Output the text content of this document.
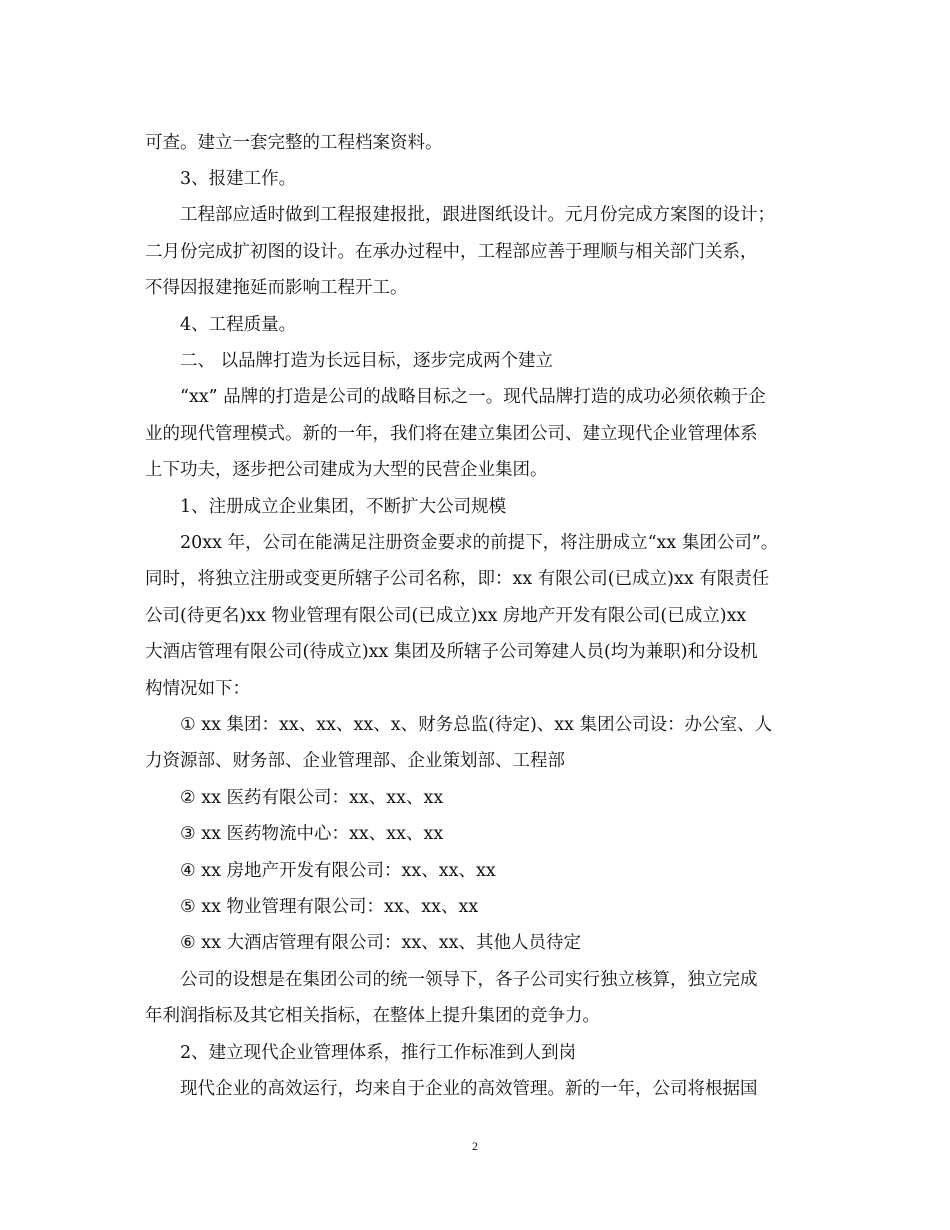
可查。建立一套完整的工程档案资料。
3、报建工作。
工程部应适时做到工程报建报批，跟进图纸设计。元月份完成方案图的设计；
二月份完成扩初图的设计。在承办过程中，工程部应善于理顺与相关部门关系，
不得因报建拖延而影响工程开工。
4、工程质量。
二、 以品牌打造为长远目标，逐步完成两个建立
“xx” 品牌的打造是公司的战略目标之一。现代品牌打造的成功必须依赖于企
业的现代管理模式。新的一年，我们将在建立集团公司、建立现代企业管理体系
上下功夫，逐步把公司建成为大型的民营企业集团。
1、注册成立企业集团，不断扩大公司规模
20xx 年，公司在能满足注册资金要求的前提下，将注册成立“xx 集团公司”。
同时，将独立注册或变更所辖子公司名称，即：xx 有限公司(已成立)xx 有限责任
公司(待更名)xx 物业管理有限公司(已成立)xx 房地产开发有限公司(已成立)xx
大酒店管理有限公司(待成立)xx 集团及所辖子公司筹建人员(均为兼职)和分设机
构情况如下：
① xx 集团：xx、xx、xx、x、财务总监(待定)、xx 集团公司设：办公室、人
力资源部、财务部、企业管理部、企业策划部、工程部
② xx 医药有限公司：xx、xx、xx
③ xx 医药物流中心：xx、xx、xx
④ xx 房地产开发有限公司：xx、xx、xx
⑤ xx 物业管理有限公司：xx、xx、xx
⑥ xx 大酒店管理有限公司：xx、xx、其他人员待定
公司的设想是在集团公司的统一领导下，各子公司实行独立核算，独立完成
年利润指标及其它相关指标，在整体上提升集团的竞争力。
2、建立现代企业管理体系，推行工作标准到人到岗
现代企业的高效运行，均来自于企业的高效管理。新的一年，公司将根据国
2
